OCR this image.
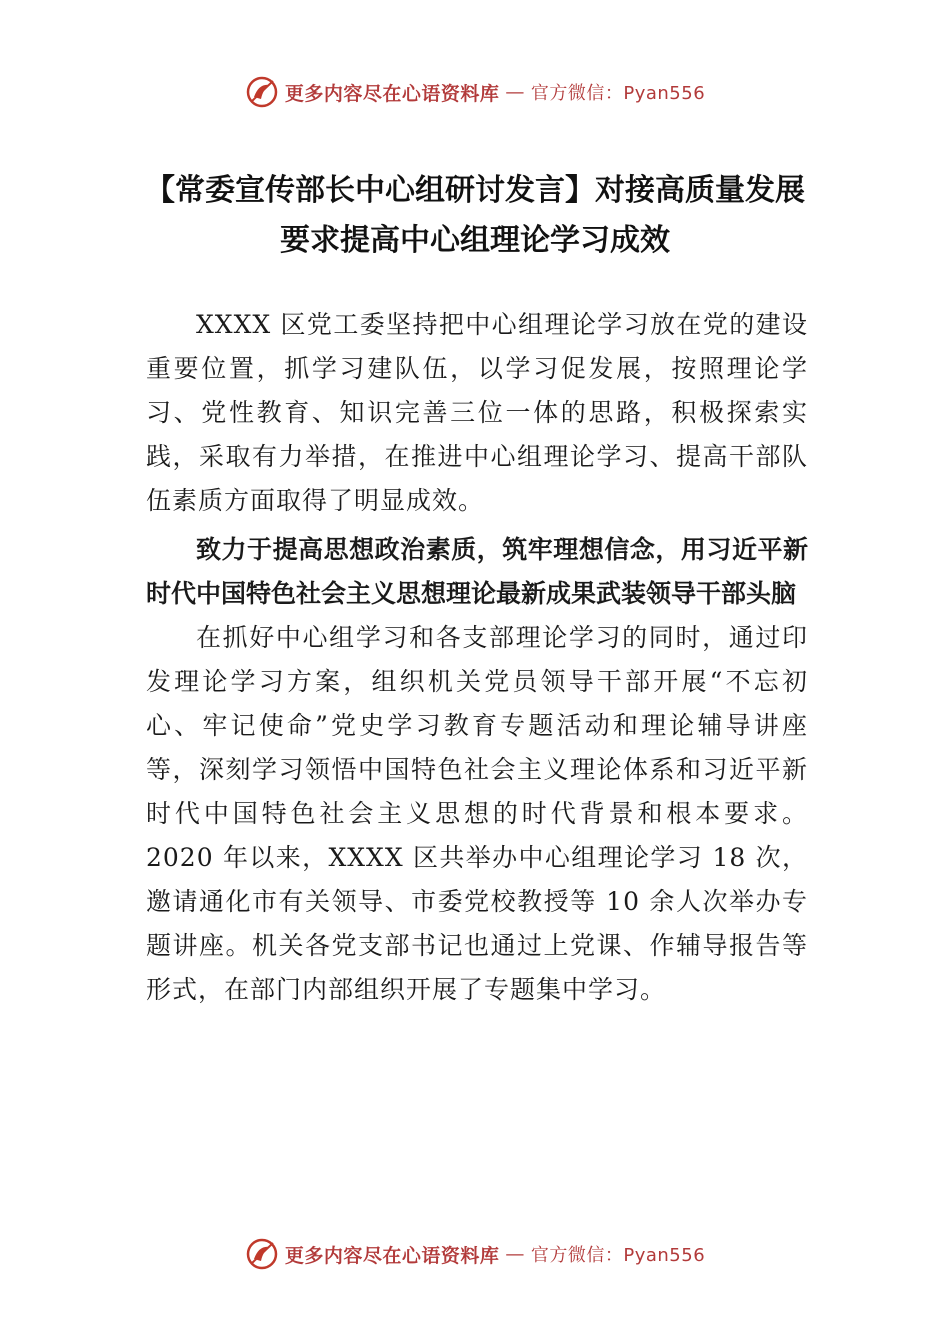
更多内容尽在心语资料库 — 官方微信：Pyan556
【常委宣传部长中心组研讨发言】对接高质量发展要求提高中心组理论学习成效

XXXX 区党工委坚持把中心组理论学习放在党的建设重要位置，抓学习建队伍，以学习促发展，按照理论学习、党性教育、知识完善三位一体的思路，积极探索实践，采取有力举措，在推进中心组理论学习、提高干部队伍素质方面取得了明显成效。

致力于提高思想政治素质，筑牢理想信念，用习近平新时代中国特色社会主义思想理论最新成果武装领导干部头脑

在抓好中心组学习和各支部理论学习的同时，通过印发理论学习方案，组织机关党员领导干部开展“不忘初心、牢记使命”党史学习教育专题活动和理论辅导讲座等，深刻学习领悟中国特色社会主义理论体系和习近平新时代中国特色社会主义思想的时代背景和根本要求。2020 年以来，XXXX 区共举办中心组理论学习 18 次，邀请通化市有关领导、市委党校教授等 10 余人次举办专题讲座。机关各党支部书记也通过上党课、作辅导报告等形式，在部门内部组织开展了专题集中学习。

更多内容尽在心语资料库 — 官方微信：Pyan556
